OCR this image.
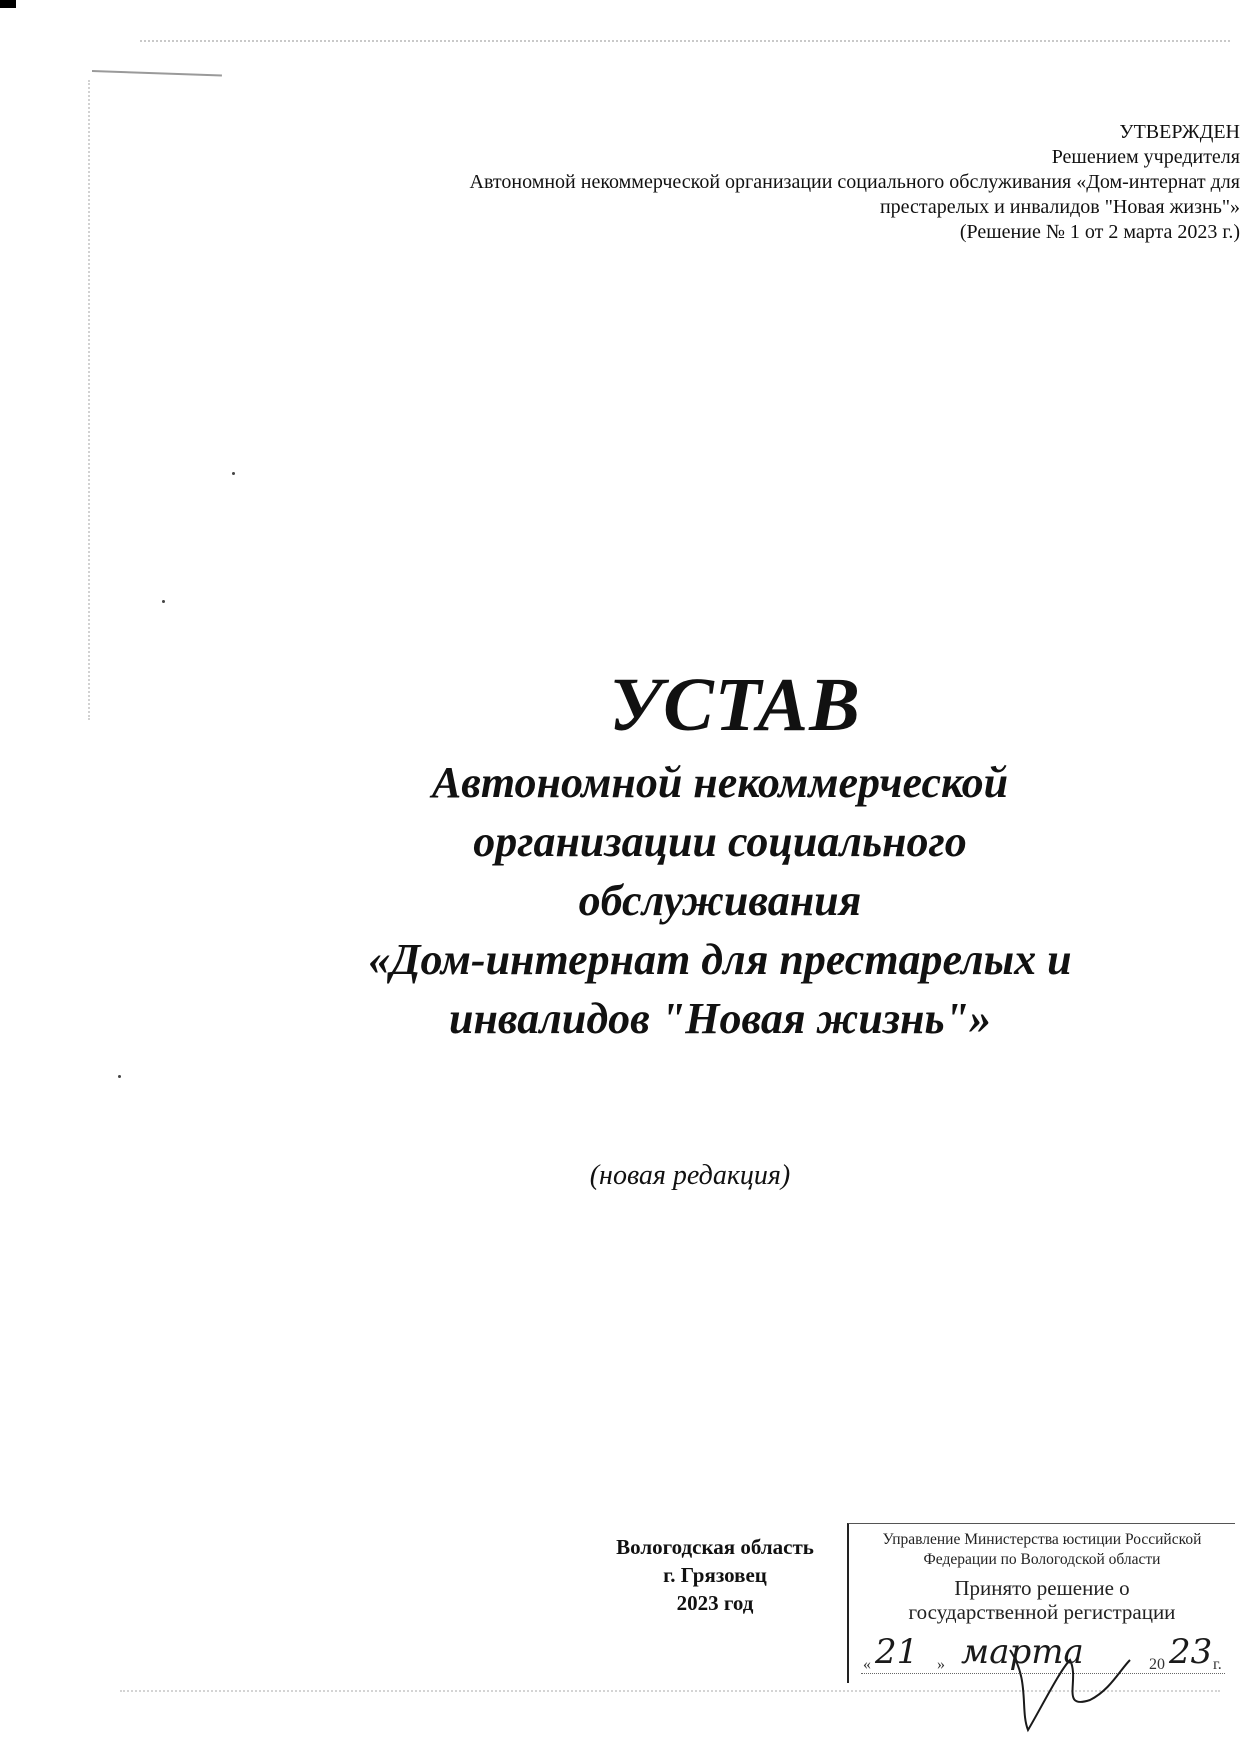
УТВЕРЖДЕН
Решением учредителя
Автономной некоммерческой организации социального обслуживания «Дом-интернат для
престарелых и инвалидов "Новая жизнь"»
(Решение № 1 от 2 марта 2023 г.)
УСТАВ
Автономной некоммерческой
организации социального
обслуживания
«Дом-интернат для престарелых и
инвалидов "Новая жизнь"»
(новая редакция)
Вологодская область
г. Грязовец
2023 год
Управление Министерства юстиции Российской
Федерации по Вологодской области
Принято решение о
государственной регистрации
« 21 » марта	20 23 г.
